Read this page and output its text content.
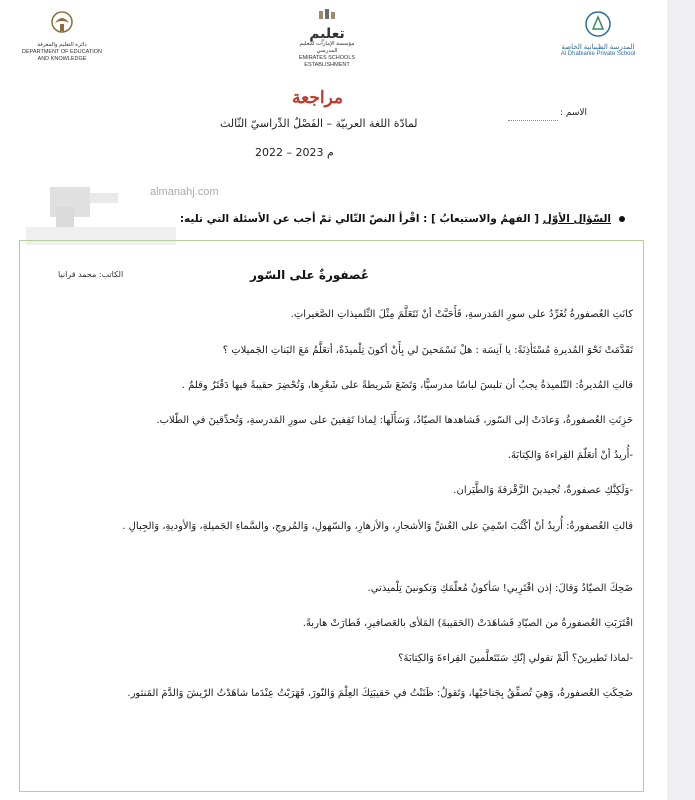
دائرة التعليم والمعرفة
DEPARTMENT OF EDUCATION
AND KNOWLEDGE
تعليم
مؤسسة الإمارات للتعليم المدرسي
EMIRATES SCHOOLS
ESTABLISHMENT
المدرسة الظبيانية الخاصة
Al Dhabianie Private School
مراجعة
لمادّة اللغة العربيّة – الفَصْلُ الدِّراسيّ الثّالث
2022 – 2023 م
الاسم :
almanahj.com
السّؤال الأوّل [ الفهمُ والاستيعابُ ] : اقْرأ النصّ التّالي ثمّ أجب عن الأسئلة التي تليه:
عُصفورةٌ على السّور
الكاتب: محمد قرانيا
كانَتِ العُصفورةُ تُغَرِّدُ على سورِ المَدرسةِ، فَأَحَبَّتْ أنْ تَتَعَلَّمَ مِثْلَ التِّلميذاتِ الصَّغيراتِ.
تَقَدَّمَتْ نَحْوَ المُديرةِ مُسْتَأذِنَةً: يا آنِسَة : هلْ تَسْمَحينَ لي بِأَنْ أكونَ تِلْميذَةً، أتعَلَّمُ مَعَ البَناتِ الجَميلاتِ ؟
قالتِ المُديرةُ: التّلميذةُ يجبُ أن تلبسَ لباسًا مدرسيًّا، وَتَضَعَ شَريطةً على شَعْرِها، وَتُحْضِرَ حقيبةً فيها دَفْتَرٌ وقلمٌ .
حَزِنَتِ العُصفورةُ، وَعادَتْ إلى السّور، فَشاهدها الصيّادُ، وَسَأَلَها: لِماذا تَقِفينَ على سورِ المَدرسةِ، وَتُحدِّقينَ في الطّلاب.
-أُريدُ أنْ أتعَلّمَ القِراءةَ وَالكِتابَةَ.
-وَلَكِنَّكِ عصفورةٌ، تُجيدينَ الزَّقْزقةَ وَالطَّيَران.
قالتِ العُصفورةُ: أُريدُ أنْ أكْتُبَ اسْمِيَ على العُشِّ وَالأشجارِ، والأزهارِ، والسّهولِ، وَالمُروجِ، والسَّماءِ الجَميلةِ، وَالأوديةِ، وَالجِبالِ .
ضَحِكَ الصيّادُ وَقالَ: إذن اقْتَرِبي! سَأكونُ مُعلّمَكِ وَتكونينَ تِلْميذتي.
اقْتَرَبَتِ العُصفورةُ من الصيّادِ فَشاهَدَتْ (الحَقيبةَ) المَلأى بالعَصافيرِ، فَطارَتْ هاربةً.
-لماذا تَطيرينَ؟ ألَمْ تقولي إنّكِ سَتَتَعلَّمينَ القِراءةَ وَالكِتابَةَ؟
ضَحِكَتِ العُصفورةُ، وَهِيَ تُصفِّقُ بِجَناحَيْها، وَتَقولُ: ظَنَنْتُ في حَقيبَتِكَ العِلْمَ وَالنّورَ، فَهَرَبْتُ عِنْدَما شاهَدْتُ الرّيشَ وَالدَّمَ المَنثور.
